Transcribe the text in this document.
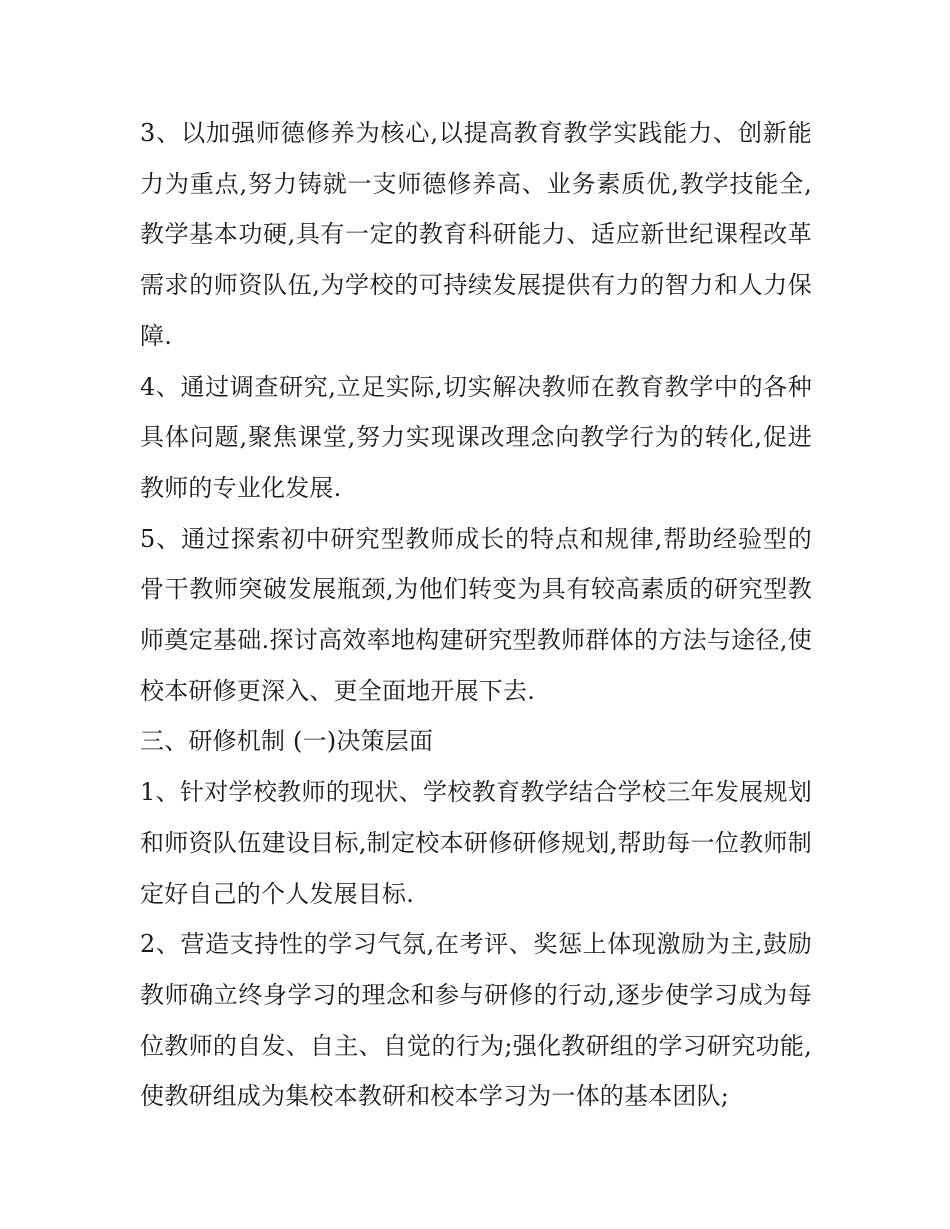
3、以加强师德修养为核心,以提高教育教学实践能力、创新能力为重点,努力铸就一支师德修养高、业务素质优,教学技能全,教学基本功硬,具有一定的教育科研能力、适应新世纪课程改革需求的师资队伍,为学校的可持续发展提供有力的智力和人力保障.

4、通过调查研究,立足实际,切实解决教师在教育教学中的各种具体问题,聚焦课堂,努力实现课改理念向教学行为的转化,促进教师的专业化发展.

5、通过探索初中研究型教师成长的特点和规律,帮助经验型的骨干教师突破发展瓶颈,为他们转变为具有较高素质的研究型教师奠定基础.探讨高效率地构建研究型教师群体的方法与途径,使校本研修更深入、更全面地开展下去.

三、研修机制 (一)决策层面

1、针对学校教师的现状、学校教育教学结合学校三年发展规划和师资队伍建设目标,制定校本研修研修规划,帮助每一位教师制定好自己的个人发展目标.

2、营造支持性的学习气氛,在考评、奖惩上体现激励为主,鼓励教师确立终身学习的理念和参与研修的行动,逐步使学习成为每位教师的自发、自主、自觉的行为;强化教研组的学习研究功能,使教研组成为集校本教研和校本学习为一体的基本团队;
